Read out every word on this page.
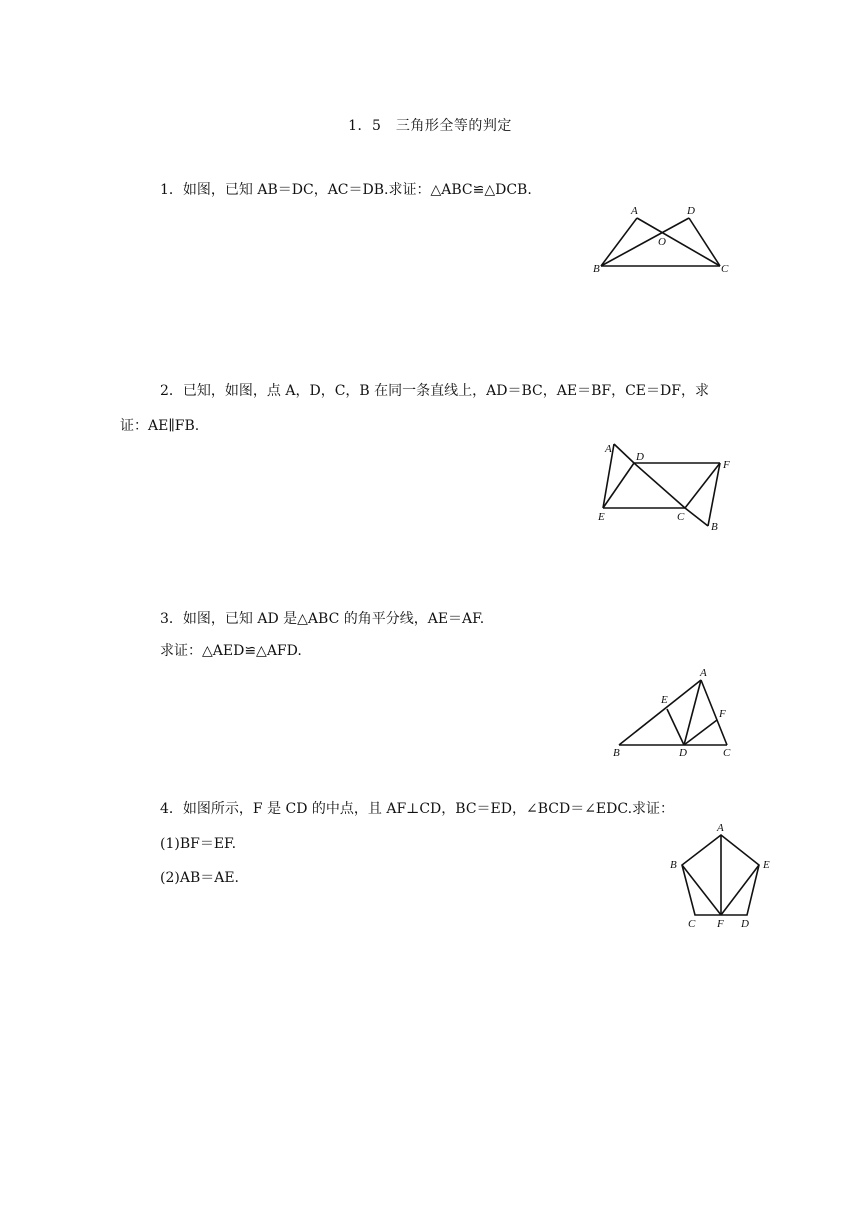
1．5　三角形全等的判定
1．如图，已知 AB＝DC，AC＝DB.求证：△ABC≌△DCB.
A	D
O
B	C
2．已知，如图，点 A，D，C，B 在同一条直线上，AD＝BC，AE＝BF，CE＝DF，求
证：AE∥FB.
A
D
F
E	C
B
3．如图，已知 AD 是△ABC 的角平分线，AE＝AF.
求证：△AED≌△AFD.
A
E
F
B	D	C
4．如图所示，F 是 CD 的中点，且 AF⊥CD，BC＝ED，∠BCD＝∠EDC.求证：
(1)BF＝EF.
(2)AB＝AE.
A
B	E
C F D
